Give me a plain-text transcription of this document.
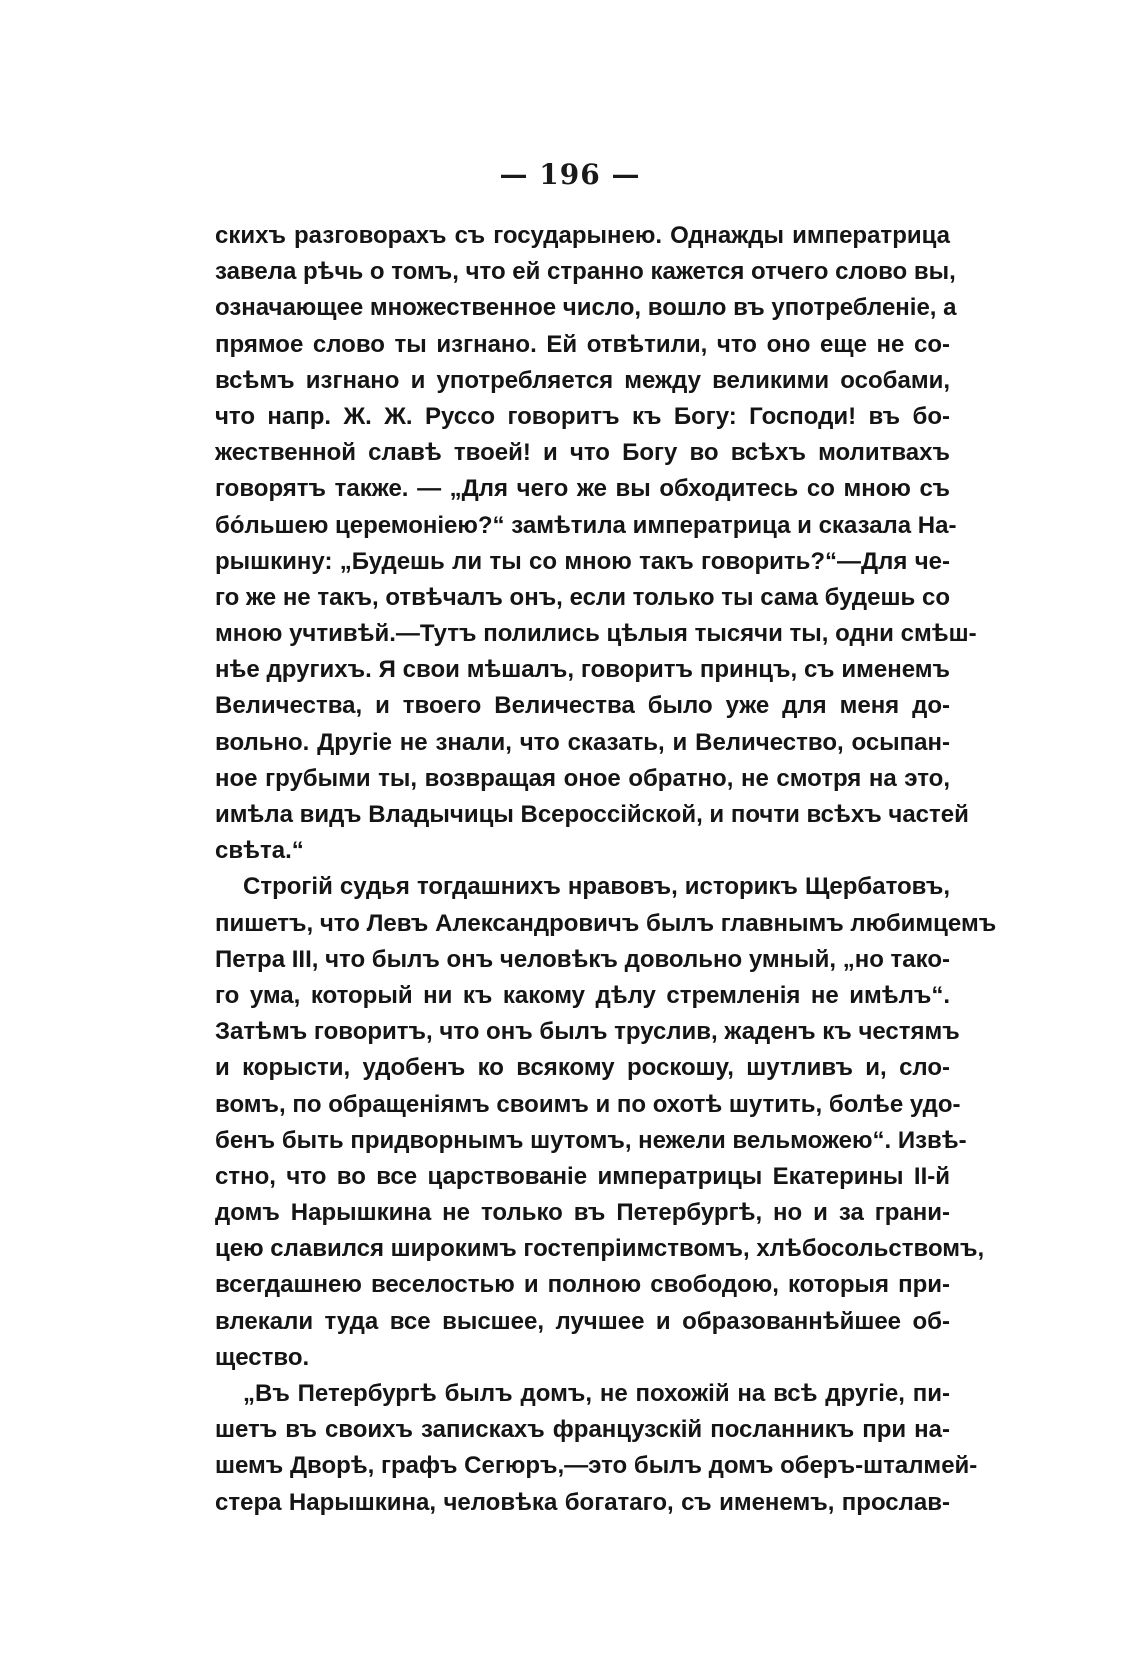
— 196 —
скихъ разговорахъ съ государынею. Однажды императрица
завела рѣчь о томъ, что ей странно кажется отчего слово вы,
означающее множественное число, вошло въ употребленіе, а
прямое слово ты изгнано. Ей отвѣтили, что оно еще не со-
всѣмъ изгнано и употребляется между великими особами,
что напр. Ж. Ж. Руссо говоритъ къ Богу: Господи! въ бо-
жественной славѣ твоей! и что Богу во всѣхъ молитвахъ
говорятъ также. — „Для чего же вы обходитесь со мною съ
бо́льшею церемоніею?“ замѣтила императрица и сказала На-
рышкину: „Будешь ли ты со мною такъ говорить?“—Для че-
го же не такъ, отвѣчалъ онъ, если только ты сама будешь со
мною учтивѣй.—Тутъ полились цѣлыя тысячи ты, одни смѣш-
нѣе другихъ. Я свои мѣшалъ, говоритъ принцъ, съ именемъ
Величества, и твоего Величества было уже для меня до-
вольно. Другіе не знали, что сказать, и Величество, осыпан-
ное грубыми ты, возвращая оное обратно, не смотря на это,
имѣла видъ Владычицы Всероссійской, и почти всѣхъ частей
свѣта.“
Строгій судья тогдашнихъ нравовъ, историкъ Щербатовъ,
пишетъ, что Левъ Александровичъ былъ главнымъ любимцемъ
Петра III, что былъ онъ человѣкъ довольно умный, „но тако-
го ума, который ни къ какому дѣлу стремленія не имѣлъ“.
Затѣмъ говоритъ, что онъ былъ труслив, жаденъ къ честямъ
и корысти, удобенъ ко всякому роскошу, шутливъ и, сло-
вомъ, по обращеніямъ своимъ и по охотѣ шутить, болѣе удо-
бенъ быть придворнымъ шутомъ, нежели вельможею“. Извѣ-
стно, что во все царствованіе императрицы Екатерины II-й
домъ Нарышкина не только въ Петербургѣ, но и за грани-
цею славился широкимъ гостепріимствомъ, хлѣбосольствомъ,
всегдашнею веселостью и полною свободою, которыя при-
влекали туда все высшее, лучшее и образованнѣйшее об-
щество.
„Въ Петербургѣ былъ домъ, не похожій на всѣ другіе, пи-
шетъ въ своихъ запискахъ французскій посланникъ при на-
шемъ Дворѣ, графъ Сегюръ,—это былъ домъ оберъ-шталмей-
стера Нарышкина, человѣка богатаго, съ именемъ, прослав-
